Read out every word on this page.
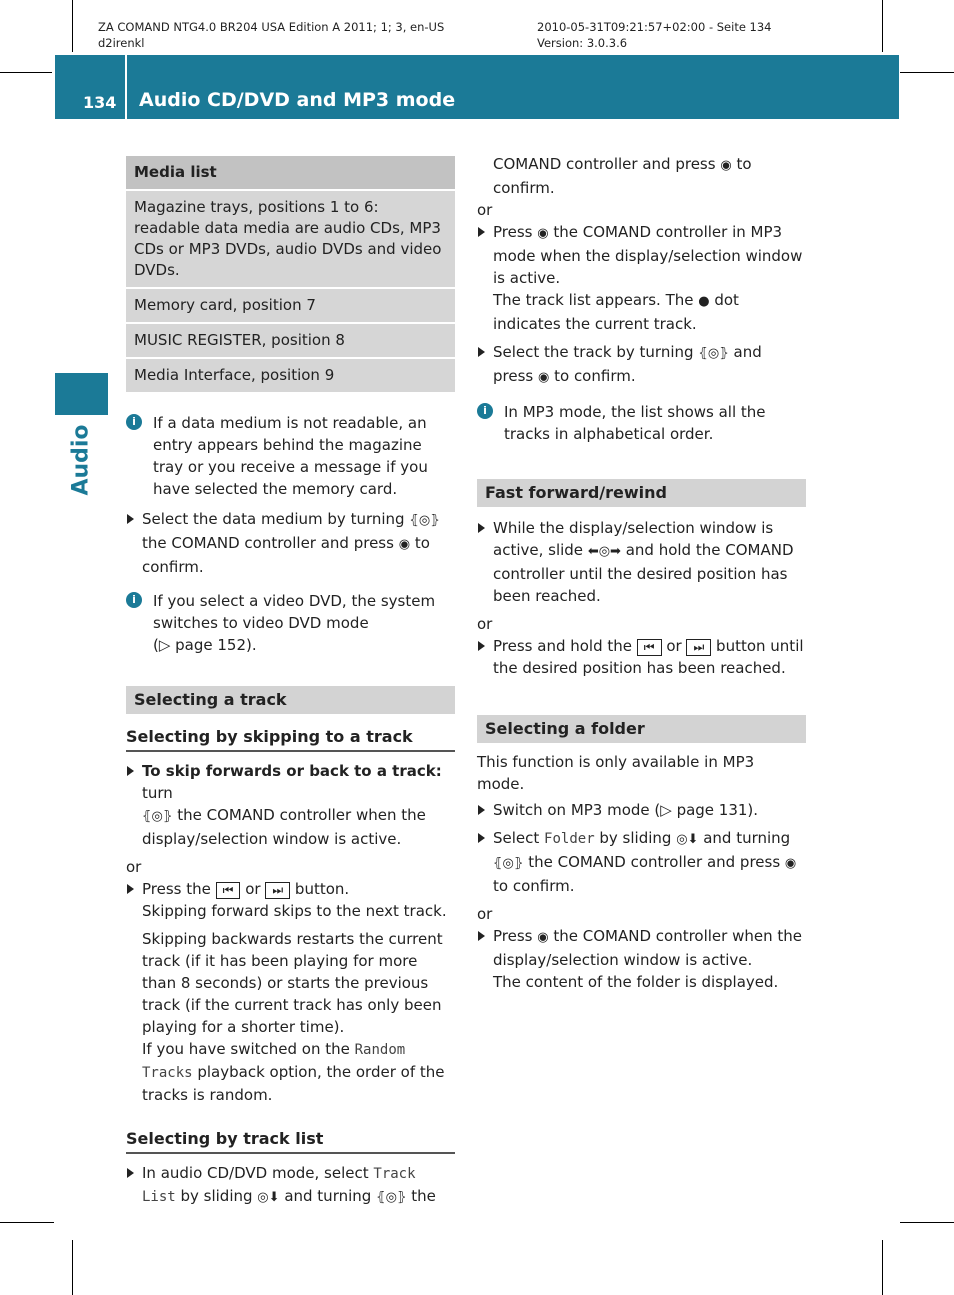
ZA COMAND NTG4.0 BR204 USA Edition A 2011; 1; 3, en-US
d2irenkl
2010-05-31T09:21:57+02:00 - Seite 134
Version: 3.0.3.6
134 Audio CD/DVD and MP3 mode
Audio
Media list
Magazine trays, positions 1 to 6: readable data media are audio CDs, MP3 CDs or MP3 DVDs, audio DVDs and video DVDs.
Memory card, position 7
MUSIC REGISTER, position 8
Media Interface, position 9
i	If a data medium is not readable, an entry appears behind the magazine tray or you receive a message if you have selected the memory card.
Select the data medium by turning ⦃◎⦄ the COMAND controller and press ◉ to confirm.
i	If you select a video DVD, the system switches to video DVD mode
(▷ page 152).

Selecting a track

Selecting by skipping to a track

To skip forwards or back to a track: turn
⦃◎⦄ the COMAND controller when the display/selection window is active.

or

Press the ⏮ or ⏭ button.
Skipping forward skips to the next track.

Skipping backwards restarts the current track (if it has been playing for more than 8 seconds) or starts the previous track (if the current track has only been playing for a shorter time).

If you have switched on the Random Tracks playback option, the order of the tracks is random.

Selecting by track list

In audio CD/DVD mode, select Track List by sliding ◎⬇ and turning ⦃◎⦄ the

COMAND controller and press ◉ to confirm.

or

Press ◉ the COMAND controller in MP3 mode when the display/selection window is active.
The track list appears. The ● dot indicates the current track.
Select the track by turning ⦃◎⦄ and press ◉ to confirm.
i	In MP3 mode, the list shows all the tracks in alphabetical order.

Fast forward/rewind

While the display/selection window is active, slide ⬅◎➡ and hold the COMAND controller until the desired position has been reached.

or

Press and hold the ⏮ or ⏭ button until the desired position has been reached.

Selecting a folder

This function is only available in MP3 mode.

Switch on MP3 mode (▷ page 131).
Select Folder by sliding ◎⬇ and turning ⦃◎⦄ the COMAND controller and press ◉ to confirm.

or

Press ◉ the COMAND controller when the display/selection window is active.
The content of the folder is displayed.
